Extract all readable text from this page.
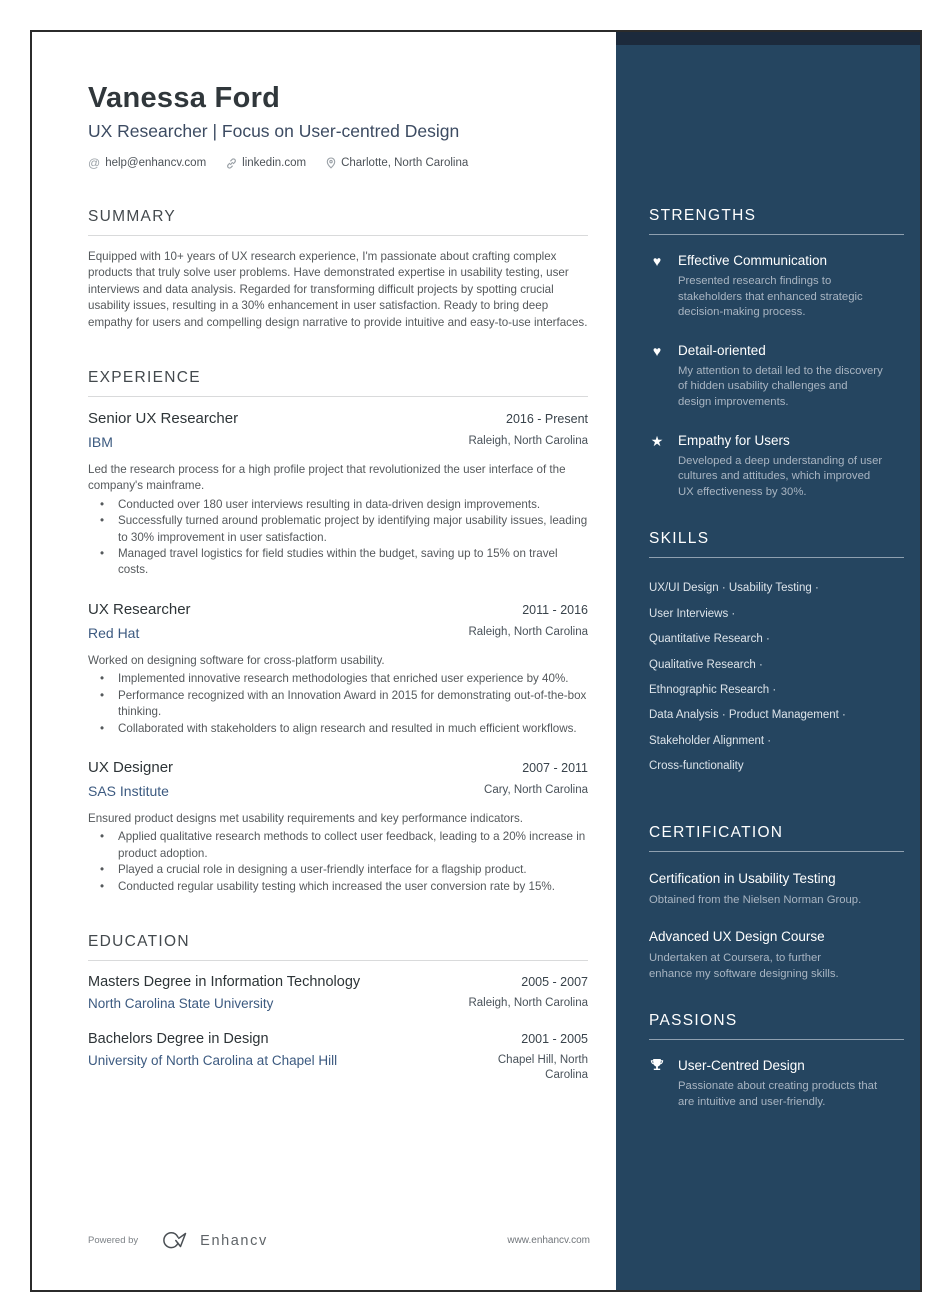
Vanessa Ford
UX Researcher | Focus on User-centred Design
@ help@enhancv.com	linkedin.com	Charlotte, North Carolina
SUMMARY
Equipped with 10+ years of UX research experience, I'm passionate about crafting complex products that truly solve user problems. Have demonstrated expertise in usability testing, user interviews and data analysis. Regarded for transforming difficult projects by spotting crucial usability issues, resulting in a 30% enhancement in user satisfaction. Ready to bring deep empathy for users and compelling design narrative to provide intuitive and easy-to-use interfaces.
EXPERIENCE
Senior UX Researcher	2016 - Present
IBM	Raleigh, North Carolina
Led the research process for a high profile project that revolutionized the user interface of the company's mainframe.
• Conducted over 180 user interviews resulting in data-driven design improvements.
• Successfully turned around problematic project by identifying major usability issues, leading to 30% improvement in user satisfaction.
• Managed travel logistics for field studies within the budget, saving up to 15% on travel costs.
UX Researcher	2011 - 2016
Red Hat	Raleigh, North Carolina
Worked on designing software for cross-platform usability.
• Implemented innovative research methodologies that enriched user experience by 40%.
• Performance recognized with an Innovation Award in 2015 for demonstrating out-of-the-box thinking.
• Collaborated with stakeholders to align research and resulted in much efficient workflows.
UX Designer	2007 - 2011
SAS Institute	Cary, North Carolina
Ensured product designs met usability requirements and key performance indicators.
• Applied qualitative research methods to collect user feedback, leading to a 20% increase in product adoption.
• Played a crucial role in designing a user-friendly interface for a flagship product.
• Conducted regular usability testing which increased the user conversion rate by 15%.
EDUCATION
Masters Degree in Information Technology	2005 - 2007
North Carolina State University	Raleigh, North Carolina
Bachelors Degree in Design	2001 - 2005
University of North Carolina at Chapel Hill	Chapel Hill, North Carolina
Powered by	Enhancv	www.enhancv.com
STRENGTHS
♥ Effective Communication
Presented research findings to stakeholders that enhanced strategic decision-making process.
♥ Detail-oriented
My attention to detail led to the discovery of hidden usability challenges and design improvements.
★ Empathy for Users
Developed a deep understanding of user cultures and attitudes, which improved UX effectiveness by 30%.
SKILLS
UX/UI Design · Usability Testing ·
User Interviews ·
Quantitative Research ·
Qualitative Research ·
Ethnographic Research ·
Data Analysis · Product Management ·
Stakeholder Alignment ·
Cross-functionality
CERTIFICATION
Certification in Usability Testing
Obtained from the Nielsen Norman Group.
Advanced UX Design Course
Undertaken at Coursera, to further enhance my software designing skills.
PASSIONS
User-Centred Design
Passionate about creating products that are intuitive and user-friendly.
